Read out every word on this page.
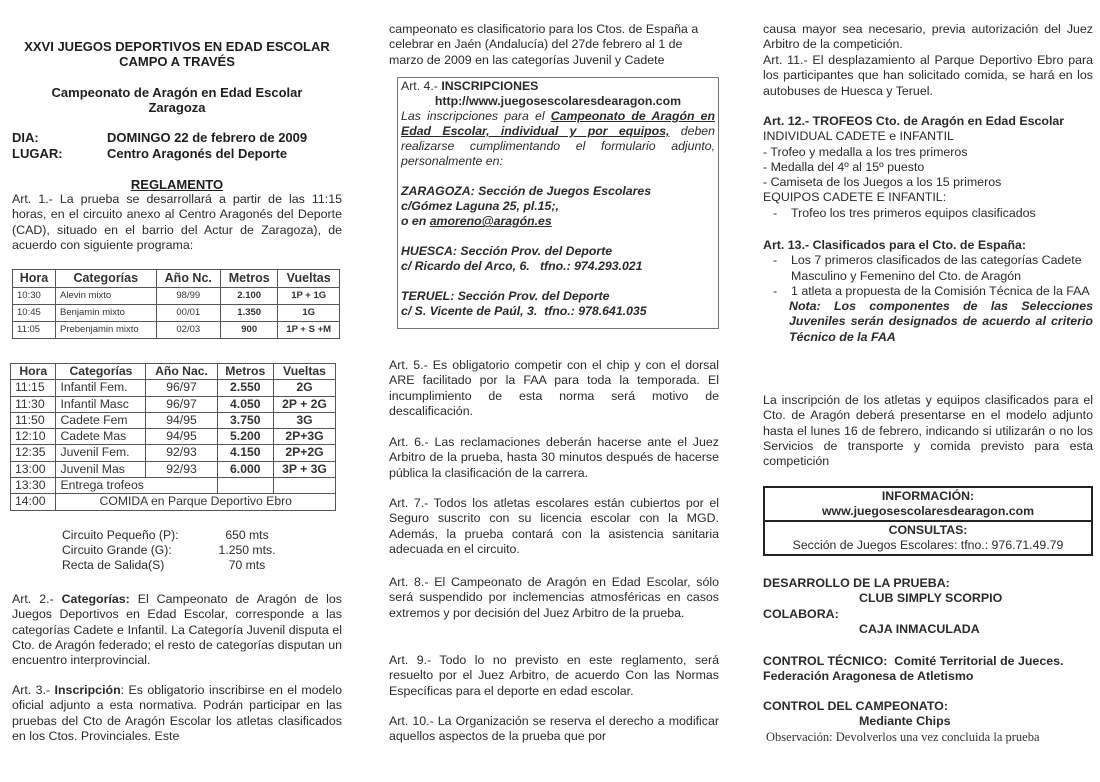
XXVI JUEGOS DEPORTIVOS EN EDAD ESCOLAR
CAMPO A TRAVÉS
Campeonato de Aragón en Edad Escolar
Zaragoza
DIA:	DOMINGO 22 de febrero de 2009
LUGAR:	Centro Aragonés del Deporte
REGLAMENTO

Art. 1.- La prueba se desarrollará a partir de las 11:15 horas, en el circuito anexo al Centro Aragonés del Deporte (CAD), situado en el barrio del Actur de Zaragoza), de acuerdo con siguiente programa:

Hora	Categorías	Año Nc.	Metros	Vueltas
10:30	Alevin mixto	98/99	2.100	1P + 1G
10:45	Benjamin mixto	00/01	1.350	1G
11:05	Prebenjamin mixto	02/03	900	1P + S +M
Hora	Categorías	Año Nac.	Metros	Vueltas
11:15	Infantil Fem.	96/97	2.550	2G
11:30	Infantil Masc	96/97	4.050	2P + 2G
11:50	Cadete Fem	94/95	3.750	3G
12:10	Cadete Mas	94/95	5.200	2P+3G
12:35	Juvenil Fem.	92/93	4.150	2P+2G
13:00	Juvenil Mas	92/93	6.000	3P + 3G
13:30	Entrega trofeos			
14:00	COMIDA en Parque Deportivo Ebro			
Circuito Pequeño (P):	650 mts
Circuito Grande (G):	1.250 mts.
Recta de Salida(S)	70 mts

Art. 2.- Categorías: El Campeonato de Aragón de los Juegos Deportivos en Edad Escolar, corresponde a las categorías Cadete e Infantil. La Categoría Juvenil disputa el Cto. de Aragón federado; el resto de categorías disputan un encuentro interprovincial.

Art. 3.- Inscripción: Es obligatorio inscribirse en el modelo oficial adjunto a esta normativa. Podrán participar en las pruebas del Cto de Aragón Escolar los atletas clasificados en los Ctos. Provinciales. Este

campeonato es clasificatorio para los Ctos. de España a celebrar en Jaén (Andalucía) del 27de febrero al 1 de marzo de 2009 en las categorías Juvenil y Cadete

Art. 4.- INSCRIPCIONES
http://www.juegosescolaresdearagon.com
Las inscripciones para el Campeonato de Aragón en Edad Escolar, individual y por equipos, deben realizarse cumplimentando el formulario adjunto, personalmente en:
ZARAGOZA: Sección de Juegos Escolares
c/Gómez Laguna 25, pl.15;,
o en amoreno@aragón.es
HUESCA: Sección Prov. del Deporte
c/ Ricardo del Arco, 6.   tfno.: 974.293.021
TERUEL: Sección Prov. del Deporte
c/ S. Vicente de Paúl, 3.  tfno.: 978.641.035

Art. 5.- Es obligatorio competir con el chip y con el dorsal ARE facilitado por la FAA para toda la temporada. El incumplimiento de esta norma será motivo de descalificación.

Art. 6.- Las reclamaciones deberán hacerse ante el Juez Arbitro de la prueba, hasta 30 minutos después de hacerse pública la clasificación de la carrera.

Art. 7.- Todos los atletas escolares están cubiertos por el Seguro suscrito con su licencia escolar con la MGD. Además, la prueba contará con la asistencia sanitaria adecuada en el circuito.

Art. 8.- El Campeonato de Aragón en Edad Escolar, sólo será suspendido por inclemencias atmosféricas en casos extremos y por decisión del Juez Arbitro de la prueba.

Art. 9.- Todo lo no previsto en este reglamento, será resuelto por el Juez Arbitro, de acuerdo Con las Normas Específicas para el deporte en edad escolar.

Art. 10.- La Organización se reserva el derecho a modificar aquellos aspectos de la prueba que por

causa mayor sea necesario, previa autorización del Juez Arbitro de la competición.

Art. 11.- El desplazamiento al Parque Deportivo Ebro para los participantes que han solicitado comida, se hará en los autobuses de Huesca y Teruel.

Art. 12.- TROFEOS Cto. de Aragón en Edad Escolar
INDIVIDUAL CADETE e INFANTIL
- Trofeo y medalla a los tres primeros
- Medalla del 4º al 15º puesto
- Camiseta de los Juegos a los 15 primeros
EQUIPOS CADETE E INFANTIL:
-	Trofeo los tres primeros equipos clasificados
Art. 13.- Clasificados para el Cto. de España:
-	Los 7 primeros clasificados de las categorías Cadete Masculino y Femenino del Cto. de Aragón
-	1 atleta a propuesta de la Comisión Técnica de la FAA
Nota: Los componentes de las Selecciones Juveniles serán designados de acuerdo al criterio Técnico de la FAA

La inscripción de los atletas y equipos clasificados para el Cto. de Aragón deberá presentarse en el modelo adjunto hasta el lunes 16 de febrero, indicando si utilizarán o no los Servicios de transporte y comida previsto para esta competición

INFORMACIÓN:
www.juegosescolaresdearagon.com
CONSULTAS:
Sección de Juegos Escolares: tfno.: 976.71.49.79
DESARROLLO DE LA PRUEBA:
CLUB SIMPLY SCORPIO
COLABORA:
CAJA INMACULADA
CONTROL TÉCNICO: Comité Territorial de Jueces.
Federación Aragonesa de Atletismo
CONTROL DEL CAMPEONATO:
Mediante Chips
Observación: Devolverlos una vez concluida la prueba
